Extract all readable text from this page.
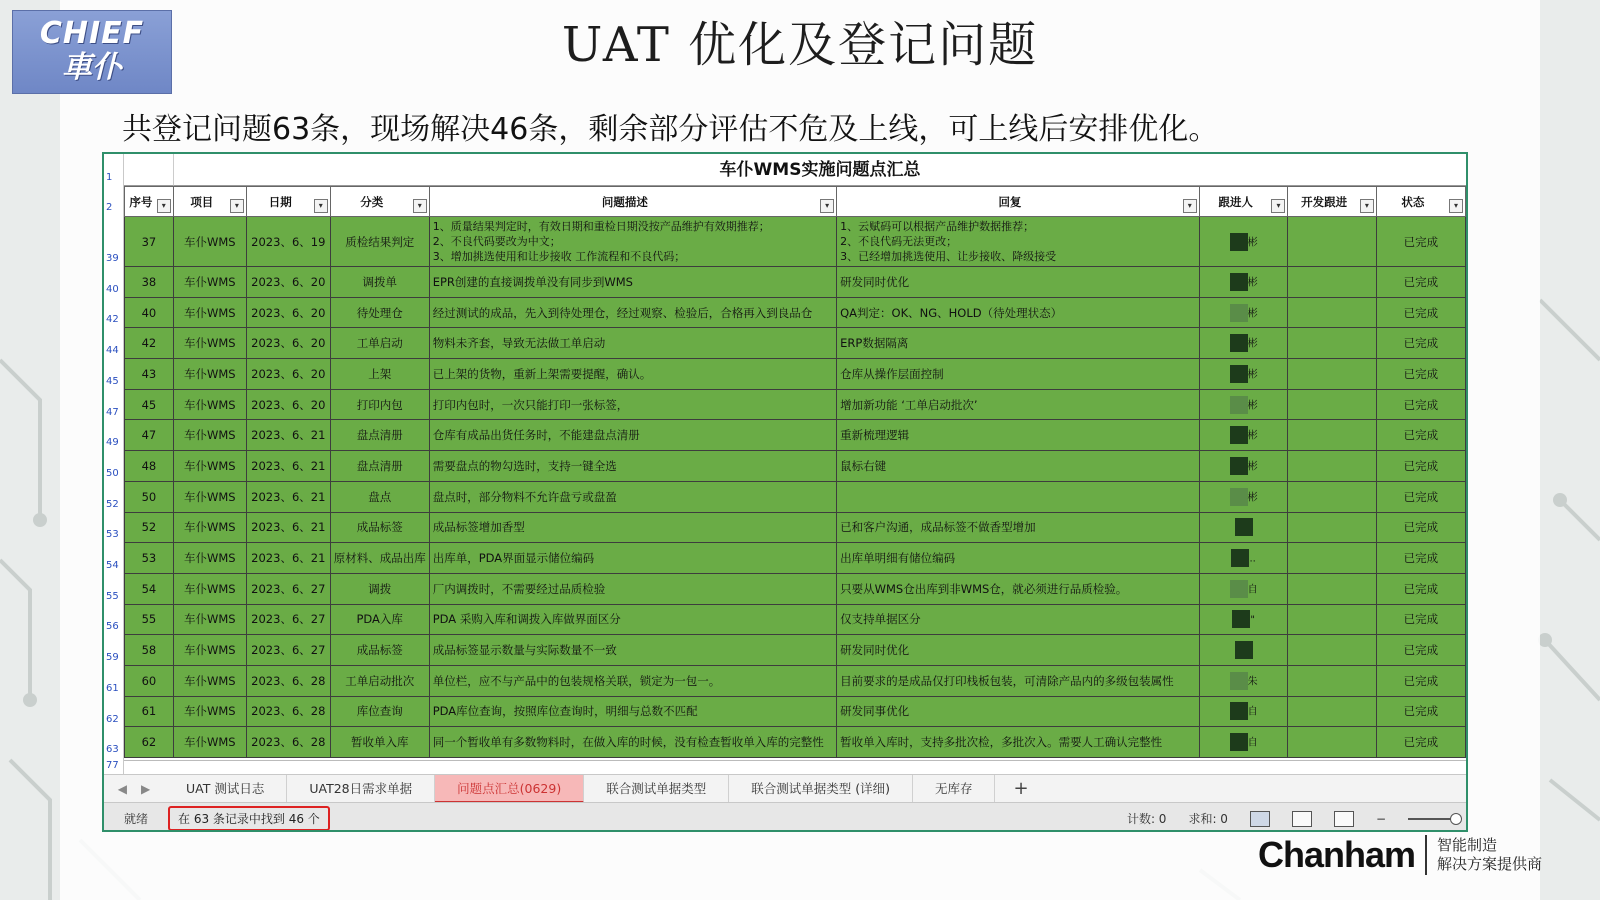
CHIEF
車仆	UAT 优化及登记问题
共登记问题63条，现场解决46条，剩余部分评估不危及上线，可上线后安排优化。
1
2
39
40
42
44
45
47
49
50
52
53
54
55
56
59
61
62
63
77
车仆WMS实施问题点汇总
序号 ▾	项目 ▾	日期 ▾	分类 ▾	问题描述 ▾	回复 ▾	跟进人 ▾	开发跟进 ▾	状态 ▾

37	车仆WMS	2023、6、19	质检结果判定	1、质量结果判定时，有效日期和重检日期没按产品维护有效期推荐；
2、不良代码要改为中文；
3、增加挑选使用和让步接收 工作流程和不良代码；	1、云赋码可以根据产品维护数据推荐；
2、不良代码无法更改；
3、已经增加挑选使用、让步接收、降级接受	彬		已完成
38	车仆WMS	2023、6、20	调拨单	EPR创建的直接调拨单没有同步到WMS	研发同时优化	彬		已完成
40	车仆WMS	2023、6、20	待处理仓	经过测试的成品，先入到待处理仓，经过观察、检验后，合格再入到良品仓	QA判定：OK、NG、HOLD（待处理状态）	彬		已完成
42	车仆WMS	2023、6、20	工单启动	物料未齐套，导致无法做工单启动	ERP数据隔离	彬		已完成
43	车仆WMS	2023、6、20	上架	已上架的货物，重新上架需要提醒，确认。	仓库从操作层面控制	彬		已完成
45	车仆WMS	2023、6、20	打印内包	打印内包时，一次只能打印一张标签，	增加新功能 ‘工单启动批次’	彬		已完成
47	车仆WMS	2023、6、21	盘点清册	仓库有成品出货任务时，不能建盘点清册	重新梳理逻辑	彬		已完成
48	车仆WMS	2023、6、21	盘点清册	需要盘点的物勾选时，支持一键全选	鼠标右键	彬		已完成
50	车仆WMS	2023、6、21	盘点	盘点时，部分物料不允许盘亏或盘盈		彬		已完成
52	车仆WMS	2023、6、21	成品标签	成品标签增加香型	已和客户沟通，成品标签不做香型增加			已完成
53	车仆WMS	2023、6、21	原材料、成品出库	出库单，PDA界面显示储位编码	出库单明细有储位编码	..		已完成
54	车仆WMS	2023、6、27	调拨	厂内调拨时，不需要经过品质检验	只要从WMS仓出库到非WMS仓，就必须进行品质检验。	自		已完成
55	车仆WMS	2023、6、27	PDA入库	PDA 采购入库和调拨入库做界面区分	仅支持单据区分	"		已完成
58	车仆WMS	2023、6、27	成品标签	成品标签显示数量与实际数量不一致	研发同时优化			已完成
60	车仆WMS	2023、6、28	工单启动批次	单位栏，应不与产品中的包装规格关联，锁定为一包一。	目前要求的是成品仅打印栈板包装，可清除产品内的多级包装属性	朱		已完成
61	车仆WMS	2023、6、28	库位查询	PDA库位查询，按照库位查询时，明细与总数不匹配	研发同事优化	自		已完成
62	车仆WMS	2023、6、28	暂收单入库	同一个暂收单有多数物料时，在做入库的时候，没有检查暂收单入库的完整性	暂收单入库时，支持多批次检，多批次入。需要人工确认完整性	自		已完成
◀ ▶	UAT 测试日志	UAT28日需求单据	问题点汇总(0629)	联合测试单据类型	联合测试单据类型 (详细)	无库存	+
就绪	在 63 条记录中找到 46 个	计数: 0 求和: 0	−
Chanham 智能制造
解决方案提供商
